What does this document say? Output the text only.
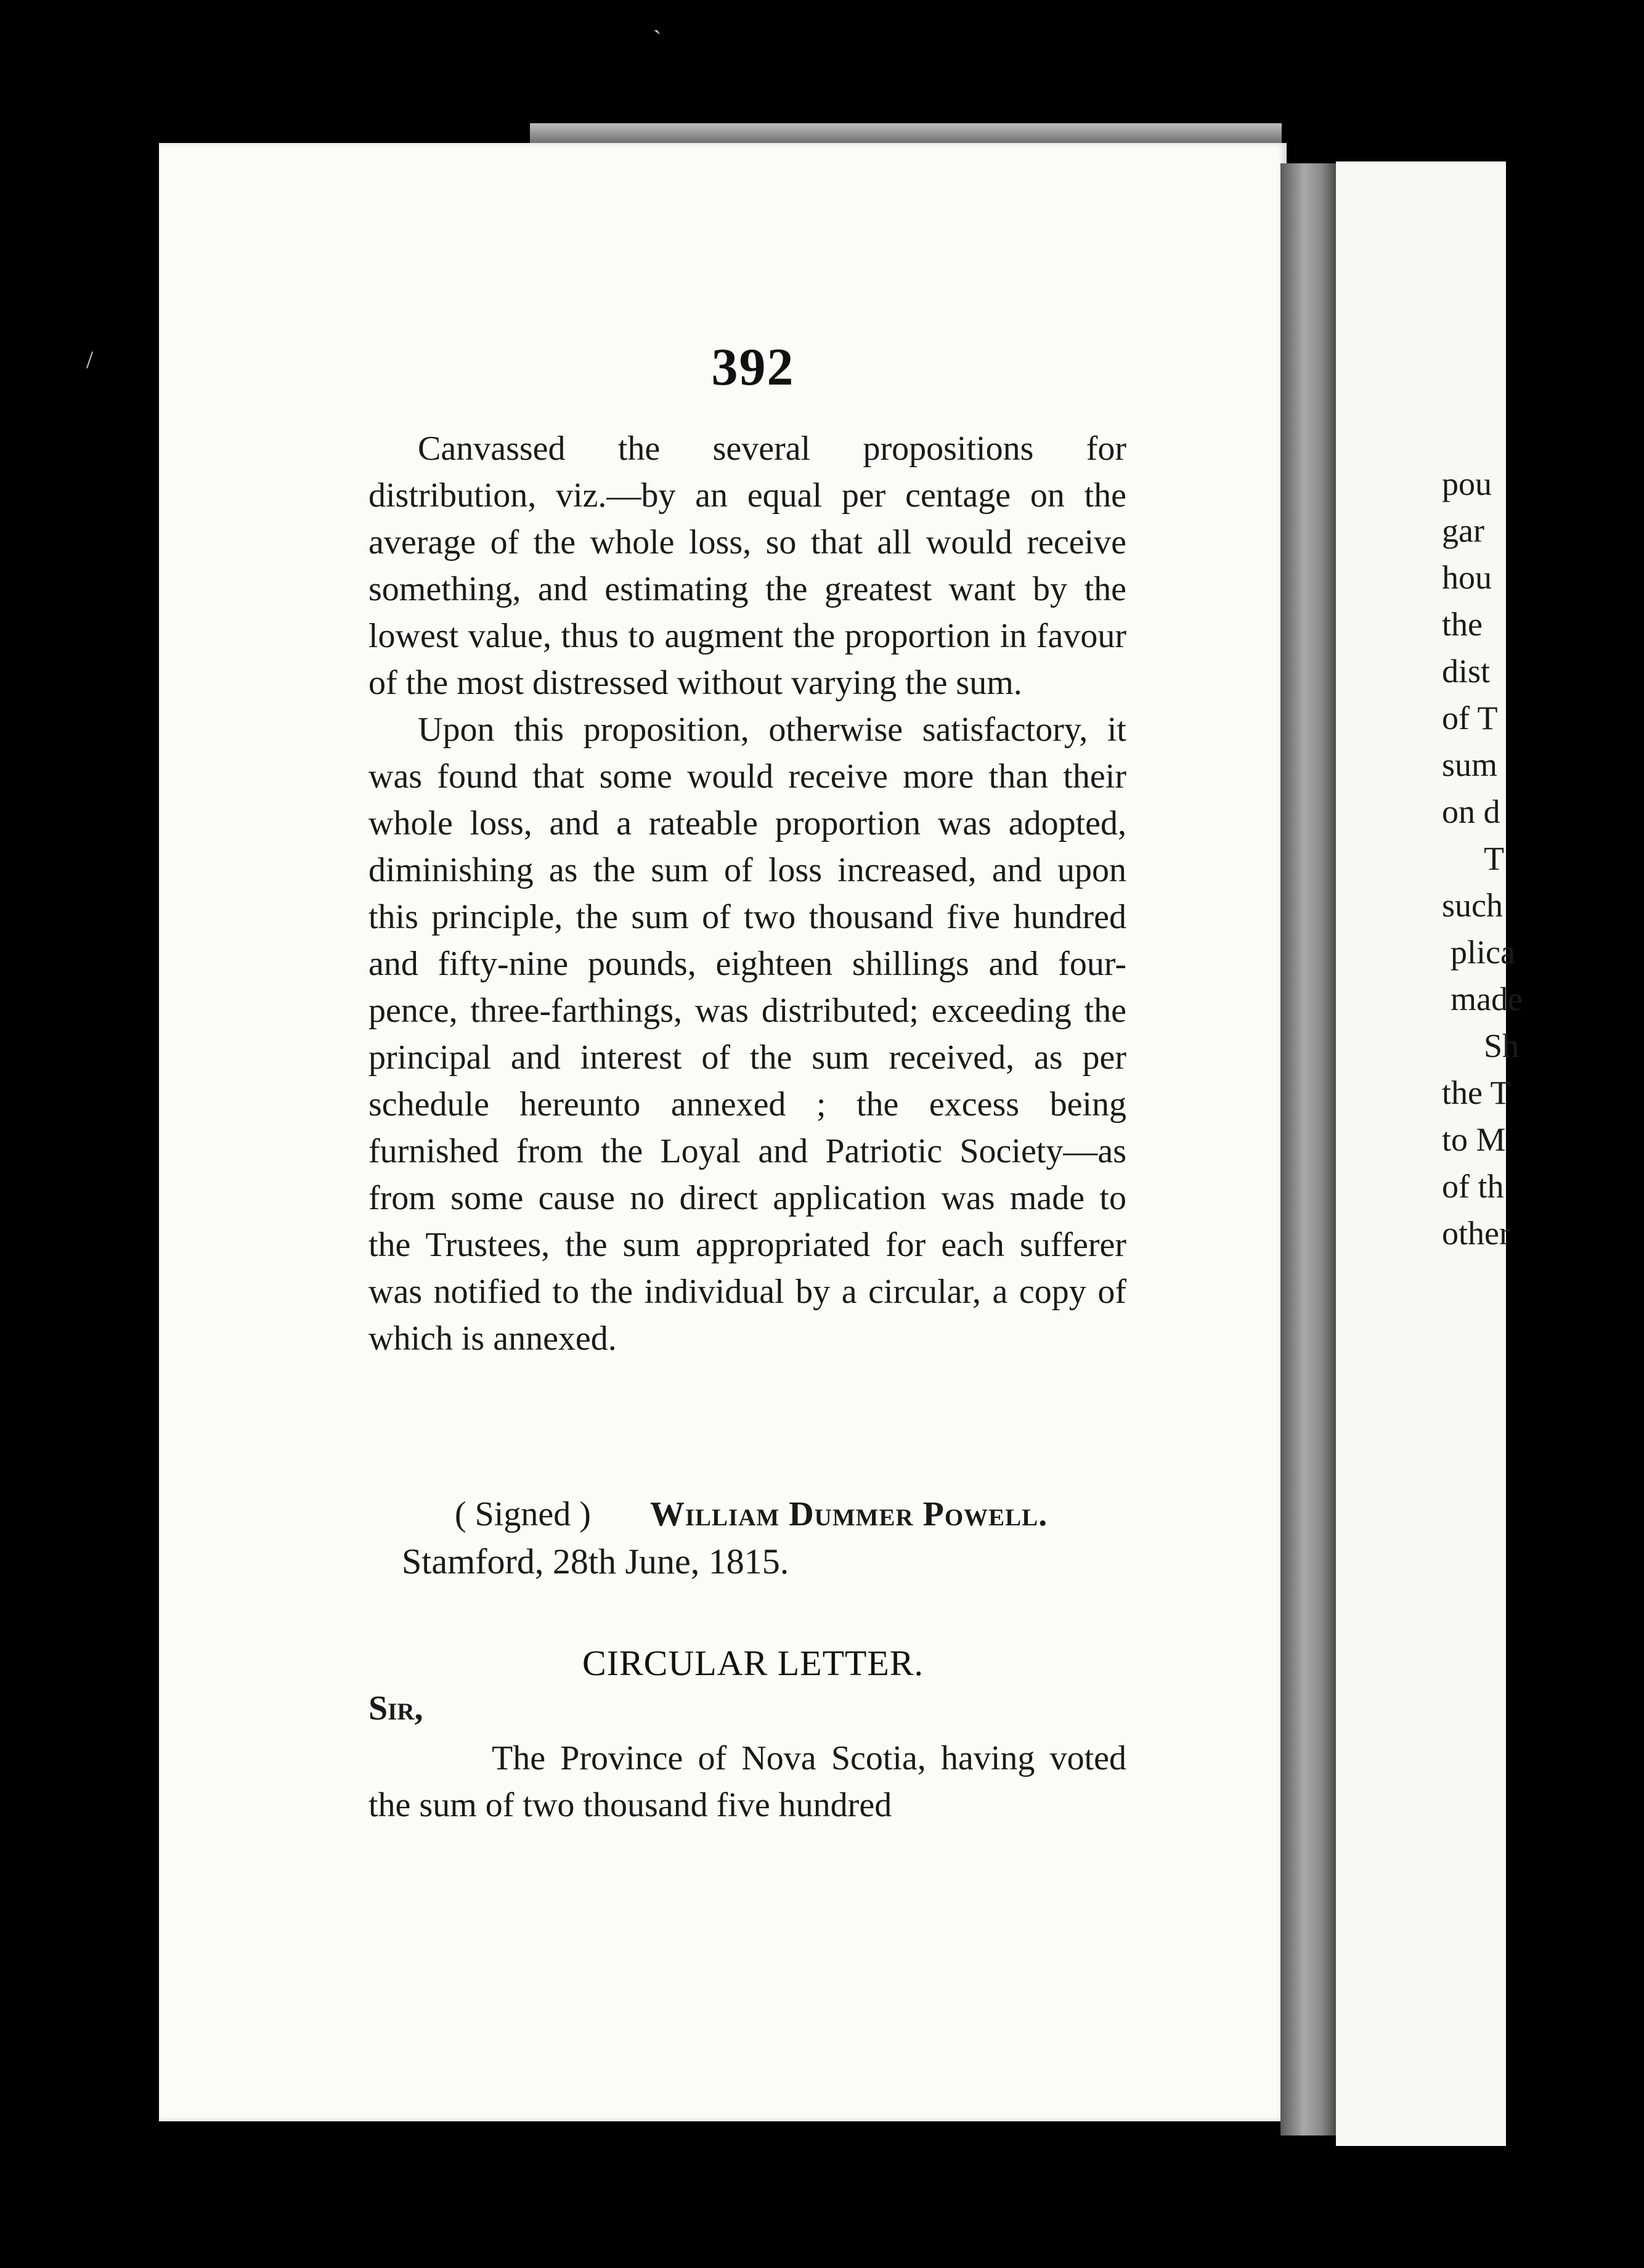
pou
gar
hou
the
dist
of T
sum
on d
T
such
plica
made
Sh
the T
to M
of th
other
/
`
392

Canvassed the several propositions for distribution, viz.—by an equal per centage on the average of the whole loss, so that all would receive something, and estimating the greatest want by the lowest value, thus to augment the proportion in favour of the most distressed without varying the sum.

Upon this proposition, otherwise satisfactory, it was found that some would receive more than their whole loss, and a rateable proportion was adopted, diminishing as the sum of loss increased, and upon this principle, the sum of two thousand five hundred and fifty-nine pounds, eighteen shillings and four-pence, three-farthings, was distributed; exceeding the principal and interest of the sum received, as per schedule hereunto annexed ; the excess being furnished from the Loyal and Patriotic Society—as from some cause no direct application was made to the Trustees, the sum appropriated for each sufferer was notified to the individual by a circular, a copy of which is annexed.

( Signed ) William Dummer Powell.
Stamford, 28th June, 1815.
CIRCULAR LETTER.
Sir,

The Province of Nova Scotia, having voted the sum of two thousand five hundred
